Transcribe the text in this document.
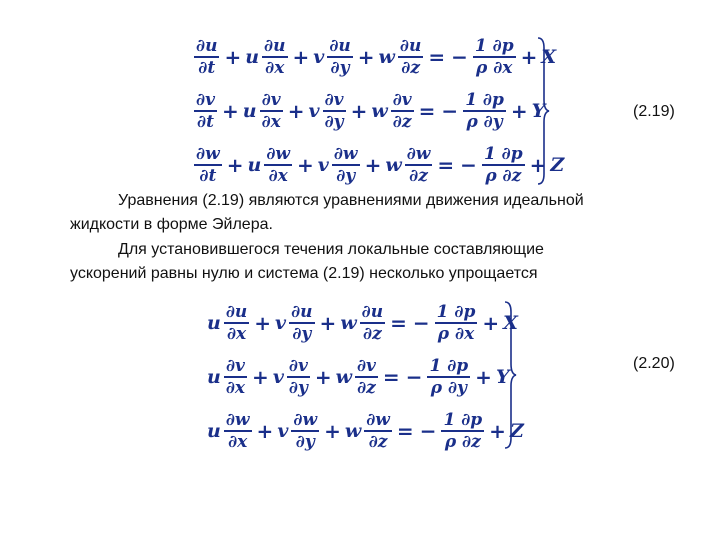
$\frac{\partial u}{\partial t} + u \frac{\partial u}{\partial x} + v \frac{\partial u}{\partial y} + w \frac{\partial u}{\partial z}$ = − $\frac{1 \partial p}{\rho \partial x} + X$
$\frac{\partial v}{\partial t} + u \frac{\partial v}{\partial x} + v \frac{\partial v}{\partial y} + w \frac{\partial v}{\partial z}$ = − $\frac{1 \partial p}{\rho \partial y} + Y$
$\frac{\partial w}{\partial t} + u \frac{\partial w}{\partial x} + v \frac{\partial w}{\partial y} + w \frac{\partial w}{\partial z}$ = − $\frac{1 \partial p}{\rho \partial z} + Z$
(2.19)
Уравнения (2.19) являются уравнениями движения идеальной
жидкости в форме Эйлера.
Для установившегося течения локальные составляющие
ускорений равны нулю и система (2.19) несколько упрощается
u $\frac{\partial u}{\partial x} + v \frac{\partial u}{\partial y} + w \frac{\partial u}{\partial z}$ = − $\frac{1 \partial p}{\rho \partial x} + X$
u $\frac{\partial v}{\partial x} + v \frac{\partial v}{\partial y} + w \frac{\partial v}{\partial z}$ = − $\frac{1 \partial p}{\rho \partial y} + Y$
u $\frac{\partial w}{\partial x} + v \frac{\partial w}{\partial y} + w \frac{\partial w}{\partial z}$ = − $\frac{1 \partial p}{\rho \partial z} + Z$
(2.20)
